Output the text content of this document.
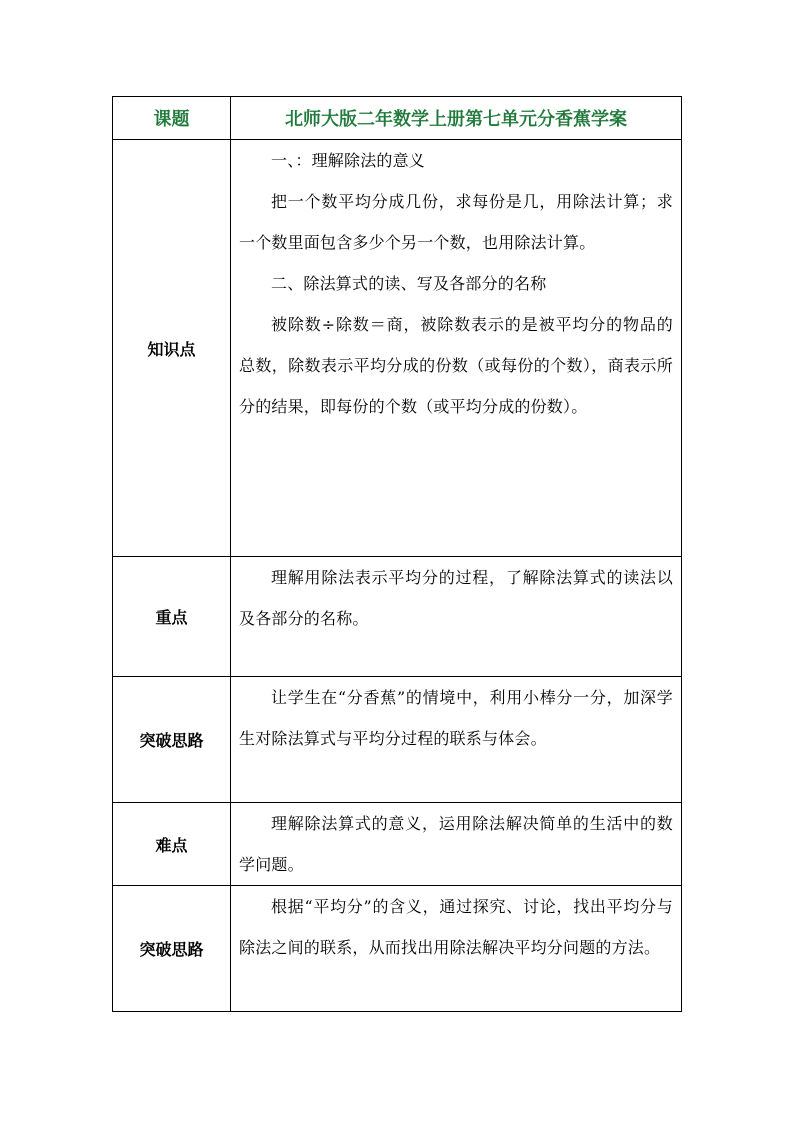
课题	北师大版二年数学上册第七单元分香蕉学案
知识点	一、：理解除法的意义

把一个数平均分成几份，求每份是几，用除法计算；求一个数里面包含多少个另一个数，也用除法计算。

二、除法算式的读、写及各部分的名称

被除数÷除数＝商，被除数表示的是被平均分的物品的总数，除数表示平均分成的份数（或每份的个数），商表示所分的结果，即每份的个数（或平均分成的份数）。

重点	理解用除法表示平均分的过程，了解除法算式的读法以及各部分的名称。

突破思路	让学生在“分香蕉”的情境中，利用小棒分一分，加深学生对除法算式与平均分过程的联系与体会。

难点	理解除法算式的意义，运用除法解决简单的生活中的数学问题。

突破思路	根据“平均分”的含义，通过探究、讨论，找出平均分与除法之间的联系，从而找出用除法解决平均分问题的方法。
